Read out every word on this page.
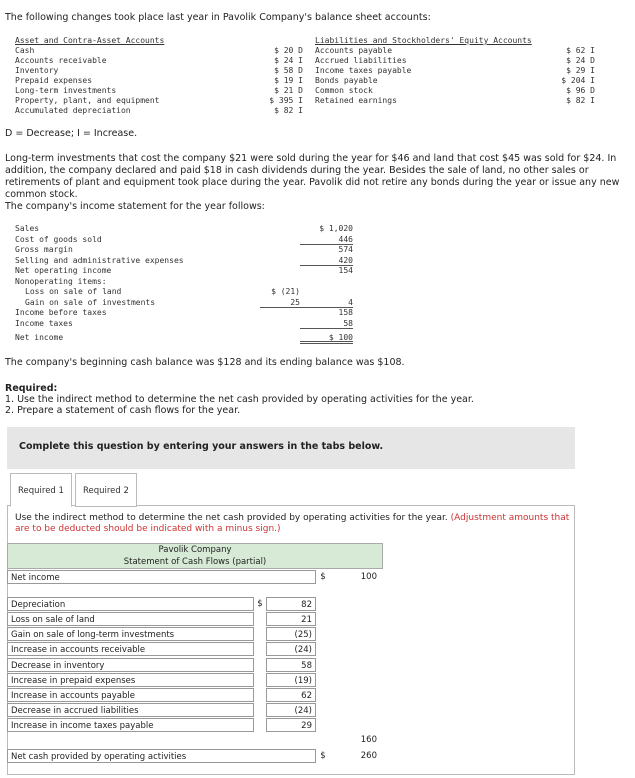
The following changes took place last year in Pavolik Company's balance sheet accounts:

Asset and Contra-Asset Accounts	Liabilities and Stockholders' Equity Accounts
Cash	$ 20 D	Accounts payable	$ 62 I
Accounts receivable	$ 24 I	Accrued liabilities	$ 24 D
Inventory	$ 58 D	Income taxes payable	$ 29 I
Prepaid expenses	$ 19 I	Bonds payable	$ 204 I
Long-term investments	$ 21 D	Common stock	$ 96 D
Property, plant, and equipment	$ 395 I	Retained earnings	$ 82 I
Accumulated depreciation	$ 82 I

D = Decrease; I = Increase.

Long-term investments that cost the company $21 were sold during the year for $46 and land that cost $45 was sold for $24. In addition, the company declared and paid $18 in cash dividends during the year. Besides the sale of land, no other sales or retirements of plant and equipment took place during the year. Pavolik did not retire any bonds during the year or issue any new common stock.

The company's income statement for the year follows:

Sales	$ 1,020
Cost of goods sold	446
Gross margin	574
Selling and administrative expenses	420
Net operating income	154
Nonoperating items:
Loss on sale of land	$ (21)
Gain on sale of investments	25	4
Income before taxes	158
Income taxes	58
Net income	$ 100

The company's beginning cash balance was $128 and its ending balance was $108.

Required:

1. Use the indirect method to determine the net cash provided by operating activities for the year.

2. Prepare a statement of cash flows for the year.

Complete this question by entering your answers in the tabs below.
Required 1	Required 2
Use the indirect method to determine the net cash provided by operating activities for the year. (Adjustment amounts that are to be deducted should be indicated with a minus sign.)
Pavolik Company
Statement of Cash Flows (partial)
Net income	$	100
Depreciation	$	82
Loss on sale of land	21
Gain on sale of long-term investments	(25)
Increase in accounts receivable	(24)
Decrease in inventory	58
Increase in prepaid expenses	(19)
Increase in accounts payable	62
Decrease in accrued liabilities	(24)
Increase in income taxes payable	29
160
Net cash provided by operating activities	$	260
